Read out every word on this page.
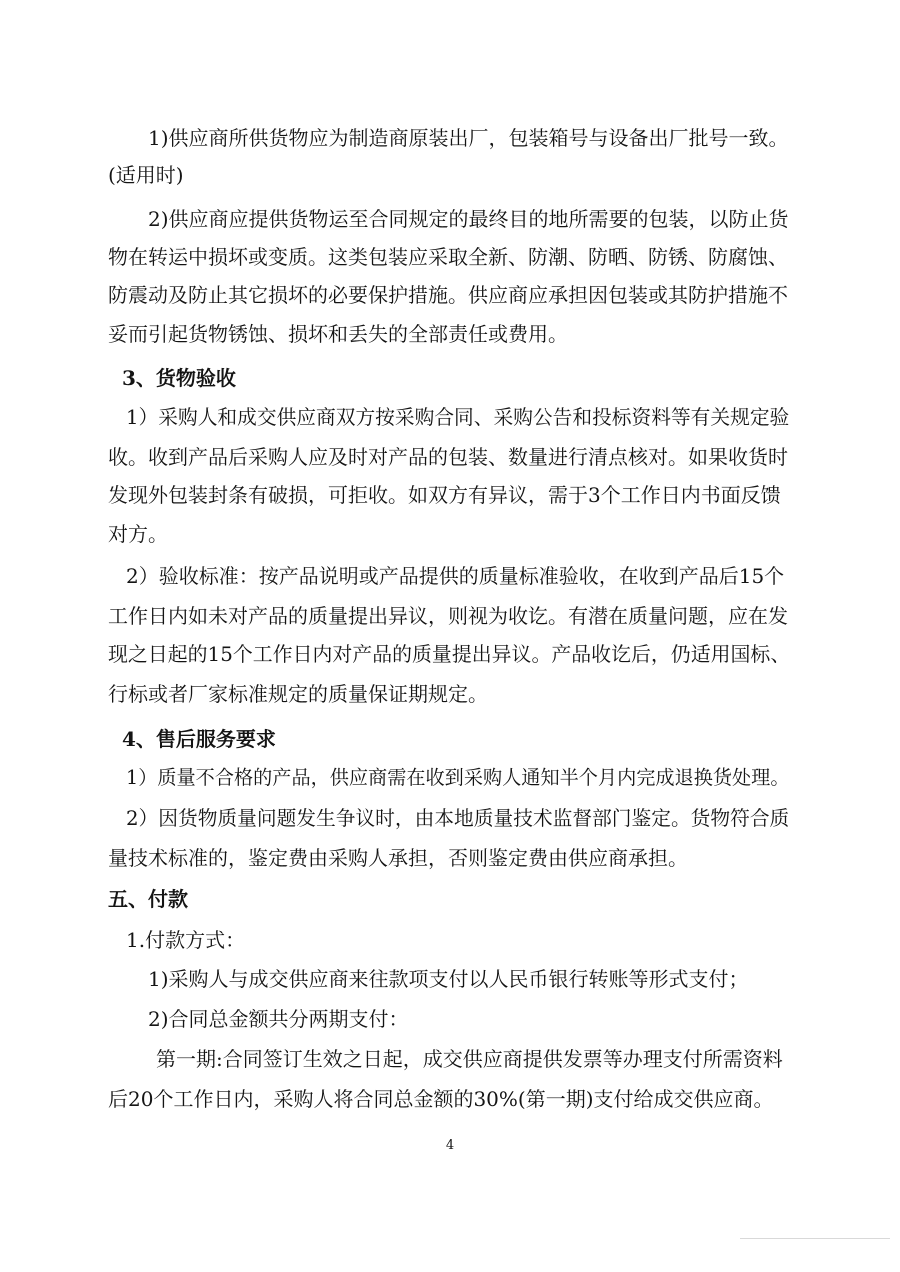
1)供应商所供货物应为制造商原装出厂，包装箱号与设备出厂批号一致。
(适用时)
2)供应商应提供货物运至合同规定的最终目的地所需要的包装，以防止货
物在转运中损坏或变质。这类包装应采取全新、防潮、防晒、防锈、防腐蚀、
防震动及防止其它损坏的必要保护措施。供应商应承担因包装或其防护措施不
妥而引起货物锈蚀、损坏和丢失的全部责任或费用。
3、货物验收
1）采购人和成交供应商双方按采购合同、采购公告和投标资料等有关规定验
收。收到产品后采购人应及时对产品的包装、数量进行清点核对。如果收货时
发现外包装封条有破损，可拒收。如双方有异议，需于3个工作日内书面反馈
对方。
2）验收标准：按产品说明或产品提供的质量标准验收，在收到产品后15个
工作日内如未对产品的质量提出异议，则视为收讫。有潜在质量问题，应在发
现之日起的15个工作日内对产品的质量提出异议。产品收讫后，仍适用国标、
行标或者厂家标准规定的质量保证期规定。
4、售后服务要求
1）质量不合格的产品，供应商需在收到采购人通知半个月内完成退换货处理。
2）因货物质量问题发生争议时，由本地质量技术监督部门鉴定。货物符合质
量技术标准的，鉴定费由采购人承担，否则鉴定费由供应商承担。
五、付款
1.付款方式：
1)采购人与成交供应商来往款项支付以人民币银行转账等形式支付；
2)合同总金额共分两期支付：
第一期:合同签订生效之日起，成交供应商提供发票等办理支付所需资料
后20个工作日内，采购人将合同总金额的30%(第一期)支付给成交供应商。
4
